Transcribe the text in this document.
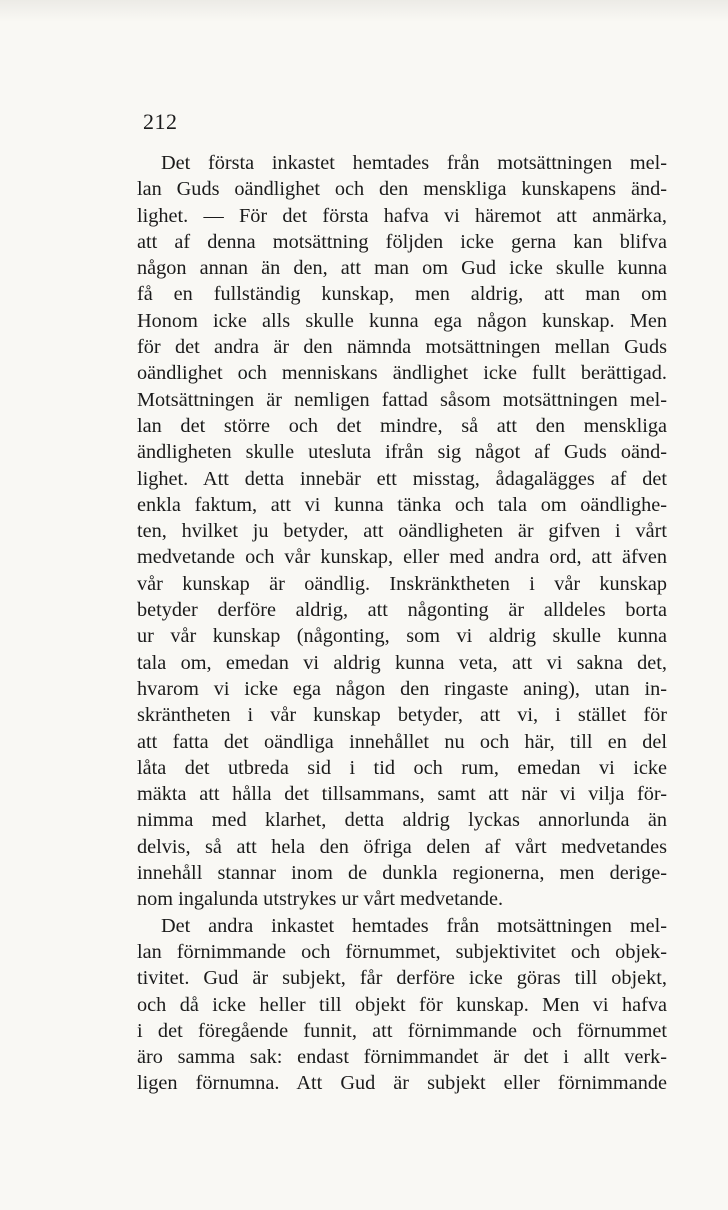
212
Det första inkastet hemtades från motsättningen mel-
lan Guds oändlighet och den menskliga kunskapens änd-
lighet. — För det första hafva vi häremot att anmärka,
att af denna motsättning följden icke gerna kan blifva
någon annan än den, att man om Gud icke skulle kunna
få en fullständig kunskap, men aldrig, att man om
Honom icke alls skulle kunna ega någon kunskap. Men
för det andra är den nämnda motsättningen mellan Guds
oändlighet och menniskans ändlighet icke fullt berättigad.
Motsättningen är nemligen fattad såsom motsättningen mel-
lan det större och det mindre, så att den menskliga
ändligheten skulle utesluta ifrån sig något af Guds oänd-
lighet. Att detta innebär ett misstag, ådagalägges af det
enkla faktum, att vi kunna tänka och tala om oändlighe-
ten, hvilket ju betyder, att oändligheten är gifven i vårt
medvetande och vår kunskap, eller med andra ord, att äfven
vår kunskap är oändlig. Inskränktheten i vår kunskap
betyder derföre aldrig, att någonting är alldeles borta
ur vår kunskap (någonting, som vi aldrig skulle kunna
tala om, emedan vi aldrig kunna veta, att vi sakna det,
hvarom vi icke ega någon den ringaste aning), utan in-
skräntheten i vår kunskap betyder, att vi, i stället för
att fatta det oändliga innehållet nu och här, till en del
låta det utbreda sid i tid och rum, emedan vi icke
mäkta att hålla det tillsammans, samt att när vi vilja för-
nimma med klarhet, detta aldrig lyckas annorlunda än
delvis, så att hela den öfriga delen af vårt medvetandes
innehåll stannar inom de dunkla regionerna, men derige-
nom ingalunda utstrykes ur vårt medvetande.
Det andra inkastet hemtades från motsättningen mel-
lan förnimmande och förnummet, subjektivitet och objek-
tivitet. Gud är subjekt, får derföre icke göras till objekt,
och då icke heller till objekt för kunskap. Men vi hafva
i det föregående funnit, att förnimmande och förnummet
äro samma sak: endast förnimmandet är det i allt verk-
ligen förnumna. Att Gud är subjekt eller förnimmande
